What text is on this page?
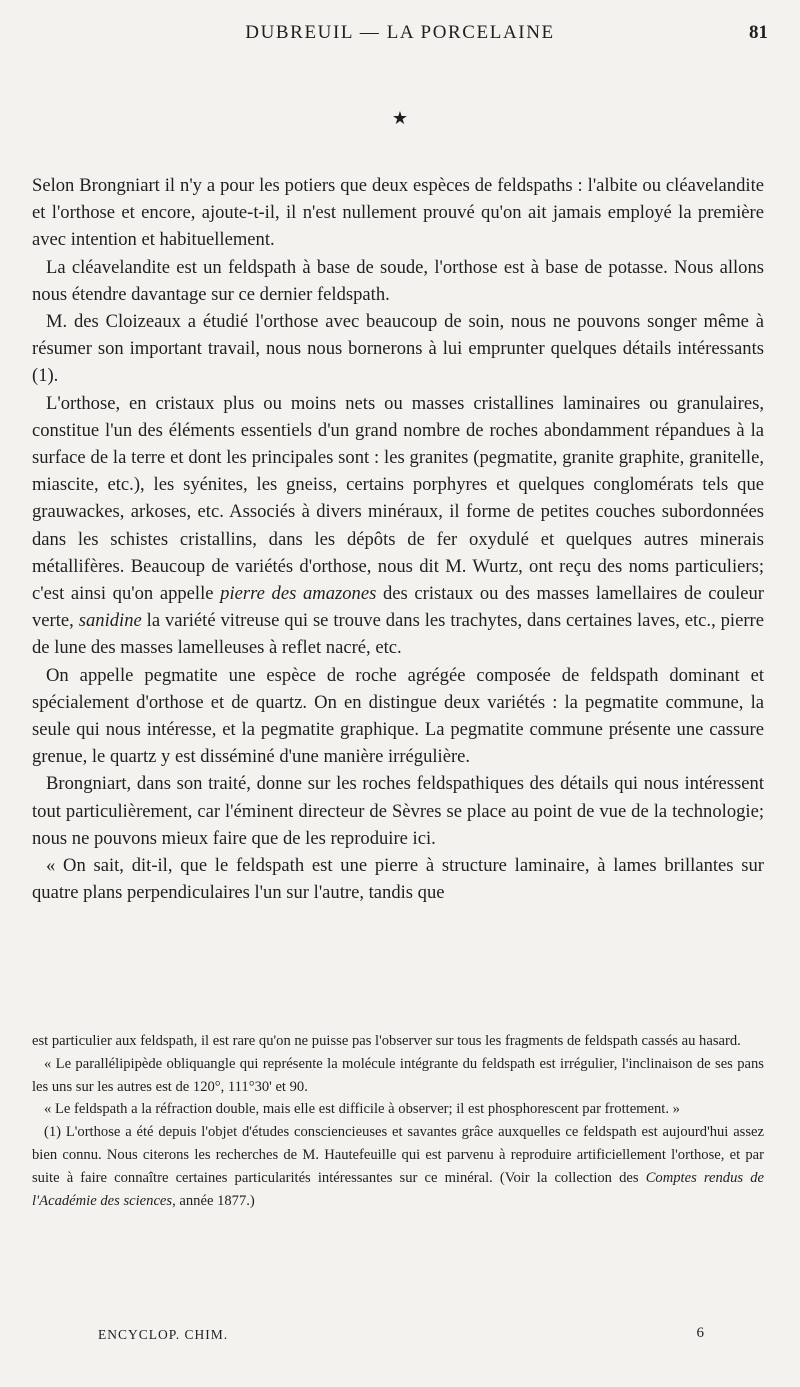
DUBREUIL — LA PORCELAINE	81
★

Selon Brongniart il n'y a pour les potiers que deux espèces de feldspaths : l'albite ou cléavelandite et l'orthose et encore, ajoute-t-il, il n'est nullement prouvé qu'on ait jamais employé la première avec intention et habituellement.

La cléavelandite est un feldspath à base de soude, l'orthose est à base de potasse. Nous allons nous étendre davantage sur ce dernier feldspath.

M. des Cloizeaux a étudié l'orthose avec beaucoup de soin, nous ne pouvons songer même à résumer son important travail, nous nous bornerons à lui emprunter quelques détails intéressants (1).

L'orthose, en cristaux plus ou moins nets ou masses cristallines laminaires ou granulaires, constitue l'un des éléments essentiels d'un grand nombre de roches abondamment répandues à la surface de la terre et dont les principales sont : les granites (pegmatite, granite graphite, granitelle, miascite, etc.), les syénites, les gneiss, certains porphyres et quelques conglomérats tels que grauwackes, arkoses, etc. Associés à divers minéraux, il forme de petites couches subordonnées dans les schistes cristallins, dans les dépôts de fer oxydulé et quelques autres minerais métallifères. Beaucoup de variétés d'orthose, nous dit M. Wurtz, ont reçu des noms particuliers; c'est ainsi qu'on appelle pierre des amazones des cristaux ou des masses lamellaires de couleur verte, sanidine la variété vitreuse qui se trouve dans les trachytes, dans certaines laves, etc., pierre de lune des masses lamelleuses à reflet nacré, etc.

On appelle pegmatite une espèce de roche agrégée composée de feldspath dominant et spécialement d'orthose et de quartz. On en distingue deux variétés : la pegmatite commune, la seule qui nous intéresse, et la pegmatite graphique. La pegmatite commune présente une cassure grenue, le quartz y est disséminé d'une manière irrégulière.

Brongniart, dans son traité, donne sur les roches feldspathiques des détails qui nous intéressent tout particulièrement, car l'éminent directeur de Sèvres se place au point de vue de la technologie; nous ne pouvons mieux faire que de les reproduire ici.

« On sait, dit-il, que le feldspath est une pierre à structure laminaire, à lames brillantes sur quatre plans perpendiculaires l'un sur l'autre, tandis que

est particulier aux feldspath, il est rare qu'on ne puisse pas l'observer sur tous les fragments de feldspath cassés au hasard.

« Le parallélipipède obliquangle qui représente la molécule intégrante du feldspath est irrégulier, l'inclinaison de ses pans les uns sur les autres est de 120°, 111°30' et 90.

« Le feldspath a la réfraction double, mais elle est difficile à observer; il est phosphorescent par frottement. »

(1) L'orthose a été depuis l'objet d'études consciencieuses et savantes grâce auxquelles ce feldspath est aujourd'hui assez bien connu. Nous citerons les recherches de M. Hautefeuille qui est parvenu à reproduire artificiellement l'orthose, et par suite à faire connaître certaines particularités intéressantes sur ce minéral. (Voir la collection des Comptes rendus de l'Académie des sciences, année 1877.)

ENCYCLOP. CHIM.	6
